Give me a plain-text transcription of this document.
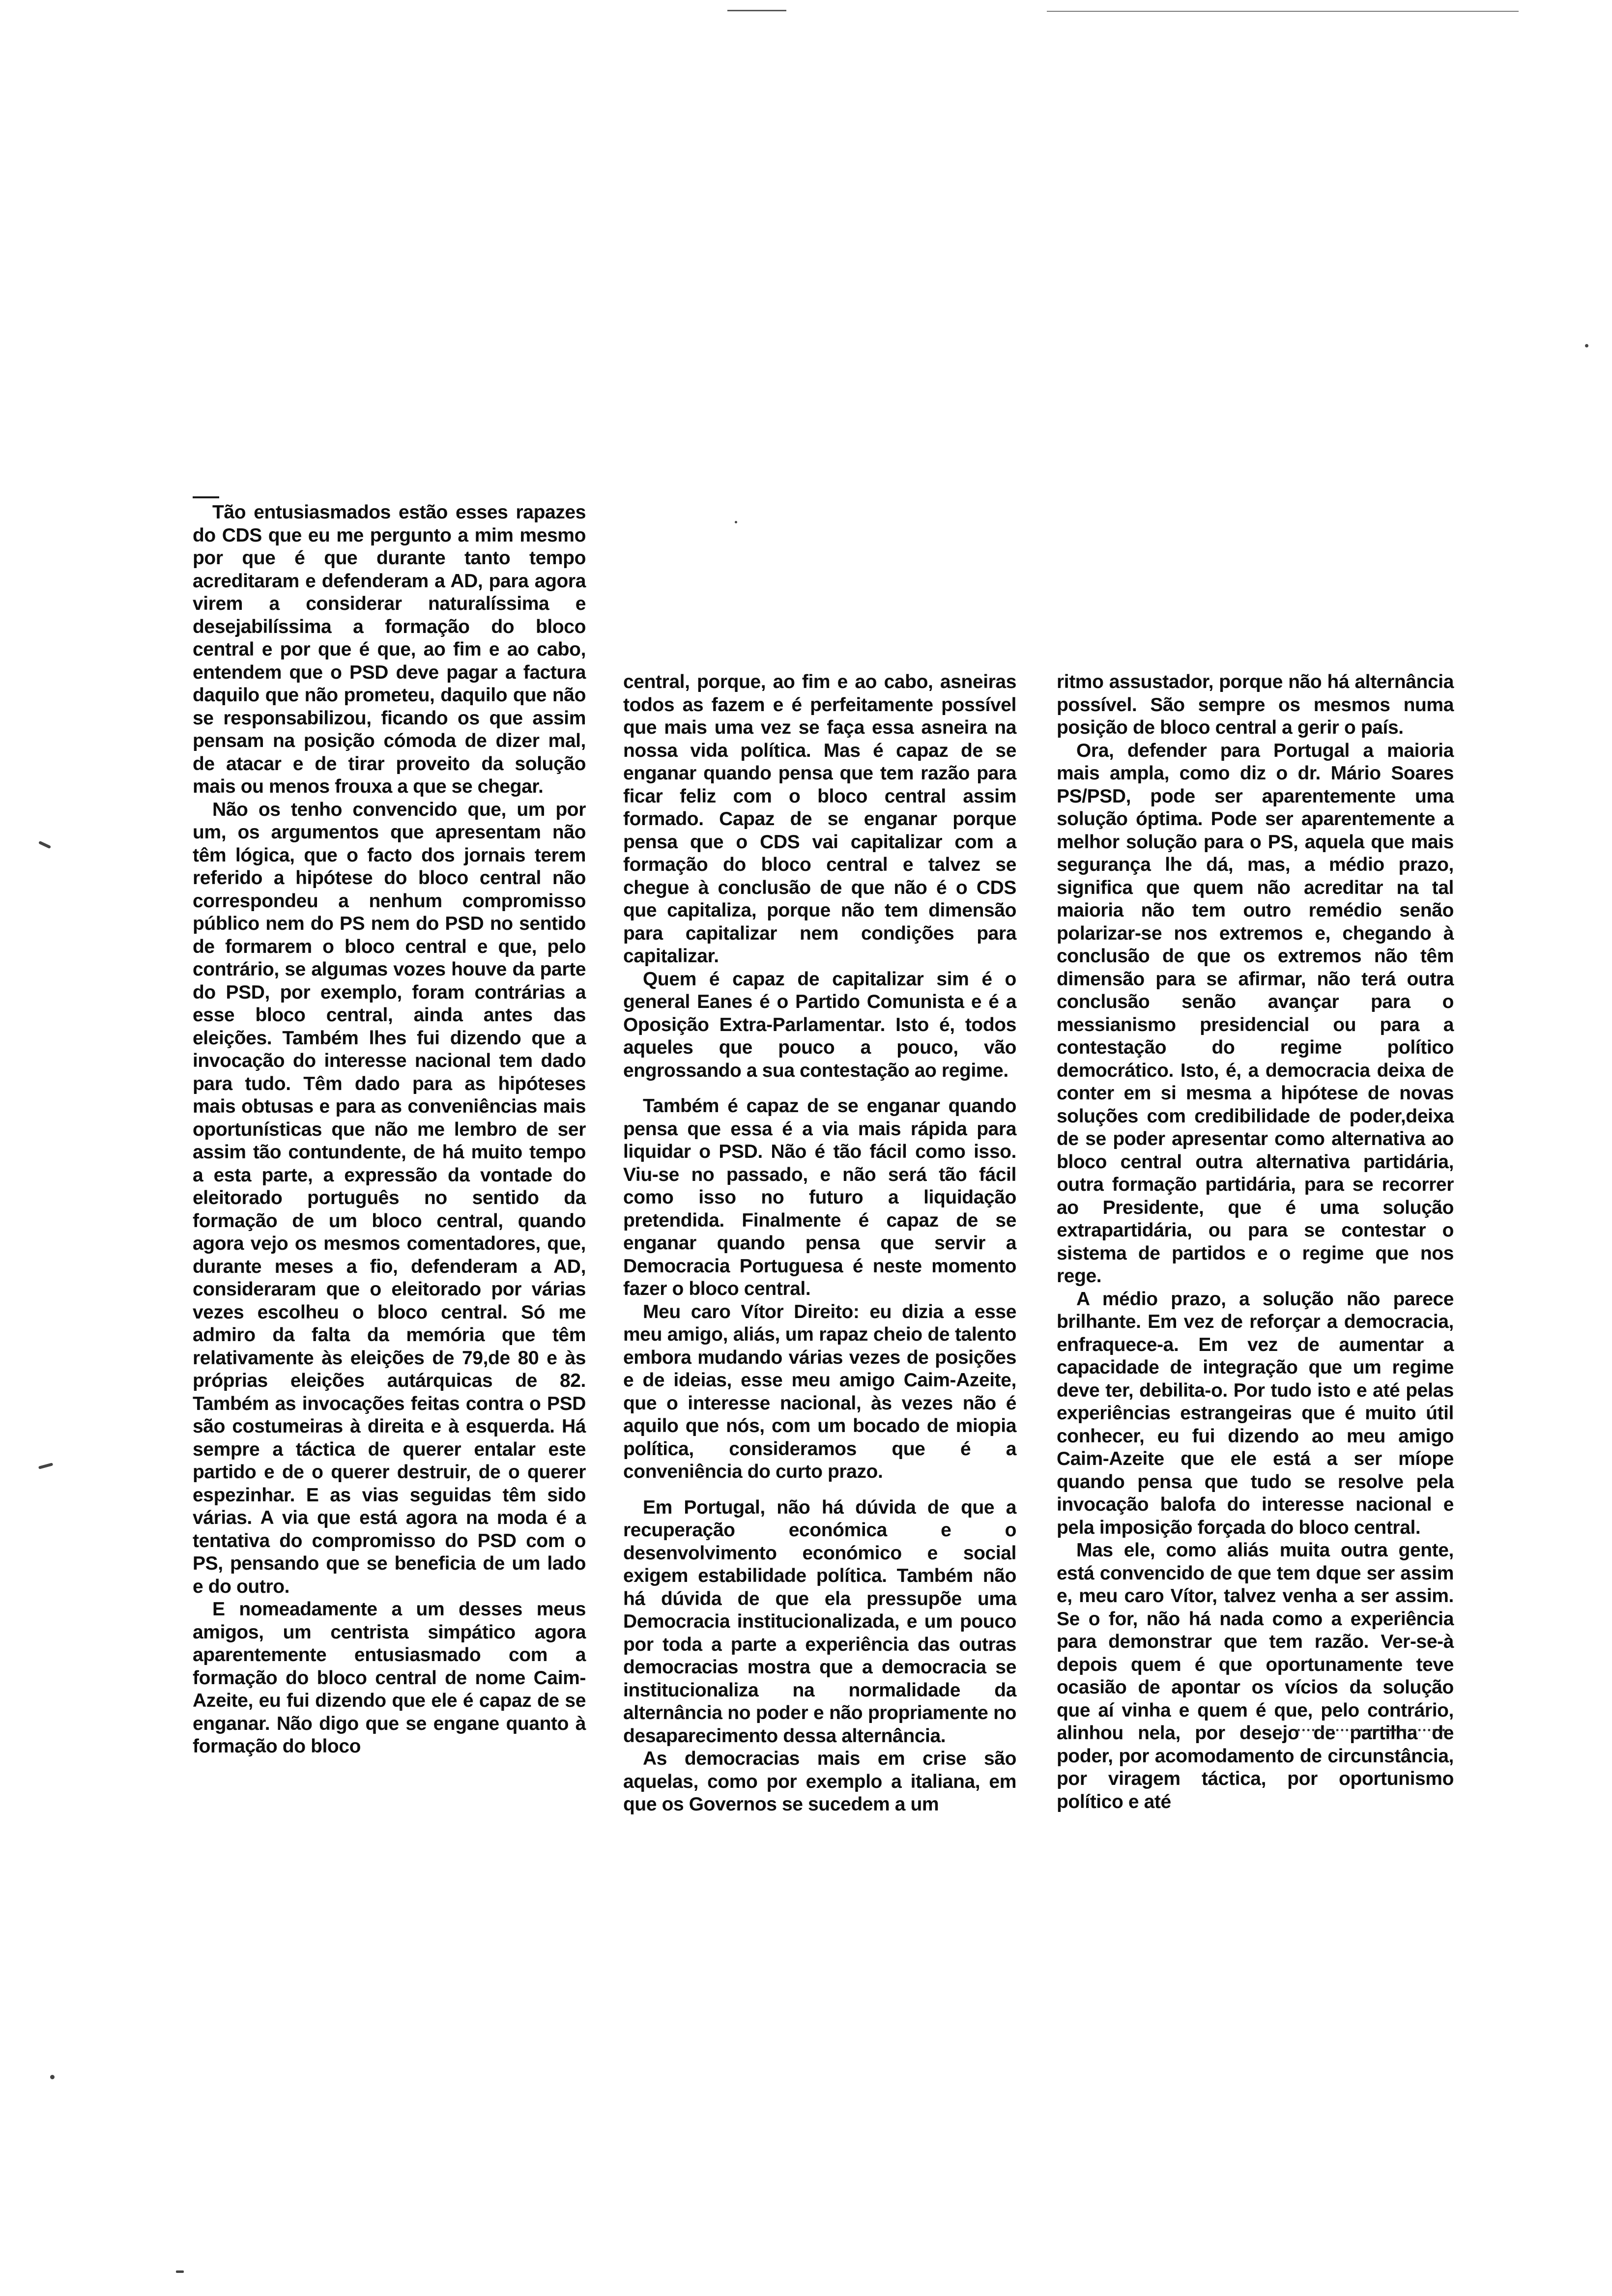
Tão entusiasmados estão esses rapazes do CDS que eu me pergunto a mim mesmo por que é que durante tanto tempo acreditaram e defenderam a AD, para agora virem a considerar naturalíssima e desejabilíssima a formação do bloco central e por que é que, ao fim e ao cabo, entendem que o PSD deve pagar a factura daquilo que não prometeu, daquilo que não se responsabilizou, ficando os que assim pensam na posição cómoda de dizer mal, de atacar e de tirar proveito da solução mais ou menos frouxa a que se chegar.

Não os tenho convencido que, um por um, os argumentos que apresentam não têm lógica, que o facto dos jornais terem referido a hipótese do bloco central não correspondeu a nenhum compromisso público nem do PS nem do PSD no sentido de formarem o bloco central e que, pelo contrário, se algumas vozes houve da parte do PSD, por exemplo, foram contrárias a esse bloco central, ainda antes das eleições. Também lhes fui dizendo que a invocação do interesse nacional tem dado para tudo. Têm dado para as hipóteses mais obtusas e para as conveniências mais oportunísticas que não me lembro de ser assim tão contundente, de há muito tempo a esta parte, a expressão da vontade do eleitorado português no sentido da formação de um bloco central, quando agora vejo os mesmos comentadores, que, durante meses a fio, defenderam a AD, consideraram que o eleitorado por várias vezes escolheu o bloco central. Só me admiro da falta da memória que têm relativamente às eleições de 79,de 80 e às próprias eleições autárquicas de 82. Também as invocações feitas contra o PSD são costumeiras à direita e à esquerda. Há sempre a táctica de querer entalar este partido e de o querer destruir, de o querer espezinhar. E as vias seguidas têm sido várias. A via que está agora na moda é a tentativa do compromisso do PSD com o PS, pensando que se beneficia de um lado e do outro.

E nomeadamente a um desses meus amigos, um centrista simpático agora aparentemente entusiasmado com a formação do bloco central de nome Caim-Azeite, eu fui dizendo que ele é capaz de se enganar. Não digo que se engane quanto à formação do bloco

central, porque, ao fim e ao cabo, asneiras todos as fazem e é perfeitamente possível que mais uma vez se faça essa asneira na nossa vida política. Mas é capaz de se enganar quando pensa que tem razão para ficar feliz com o bloco central assim formado. Capaz de se enganar porque pensa que o CDS vai capitalizar com a formação do bloco central e talvez se chegue à conclusão de que não é o CDS que capitaliza, porque não tem dimensão para capitalizar nem condições para capitalizar.

Quem é capaz de capitalizar sim é o general Eanes é o Partido Comunista e é a Oposição Extra-Parlamentar. Isto é, todos aqueles que pouco a pouco, vão engrossando a sua contestação ao regime.

Também é capaz de se enganar quando pensa que essa é a via mais rápida para liquidar o PSD. Não é tão fácil como isso. Viu-se no passado, e não será tão fácil como isso no futuro a liquidação pretendida. Finalmente é capaz de se enganar quando pensa que servir a Democracia Portuguesa é neste momento fazer o bloco central.

Meu caro Vítor Direito: eu dizia a esse meu amigo, aliás, um rapaz cheio de talento embora mudando várias vezes de posições e de ideias, esse meu amigo Caim-Azeite, que o interesse nacional, às vezes não é aquilo que nós, com um bocado de miopia política, consideramos que é a conveniência do curto prazo.

Em Portugal, não há dúvida de que a recuperação económica e o desenvolvimento económico e social exigem estabilidade política. Também não há dúvida de que ela pressupõe uma Democracia institucionalizada, e um pouco por toda a parte a experiência das outras democracias mostra que a democracia se institucionaliza na normalidade da alternância no poder e não propriamente no desaparecimento dessa alternância.

As democracias mais em crise são aquelas, como por exemplo a italiana, em que os Governos se sucedem a um

ritmo assustador, porque não há alternância possível. São sempre os mesmos numa posição de bloco central a gerir o país.

Ora, defender para Portugal a maioria mais ampla, como diz o dr. Mário Soares PS/PSD, pode ser aparentemente uma solução óptima. Pode ser aparentemente a melhor solução para o PS, aquela que mais segurança lhe dá, mas, a médio prazo, significa que quem não acreditar na tal maioria não tem outro remédio senão polarizar-se nos extremos e, chegando à conclusão de que os extremos não têm dimensão para se afirmar, não terá outra conclusão senão avançar para o messianismo presidencial ou para a contestação do regime político democrático. Isto, é, a democracia deixa de conter em si mesma a hipótese de novas soluções com credibilidade de poder,deixa de se poder apresentar como alternativa ao bloco central outra alternativa partidária, outra formação partidária, para se recorrer ao Presidente, que é uma solução extrapartidária, ou para se contestar o sistema de partidos e o regime que nos rege.

A médio prazo, a solução não parece brilhante. Em vez de reforçar a democracia, enfraquece-a. Em vez de aumentar a capacidade de integração que um regime deve ter, debilita-o. Por tudo isto e até pelas experiências estrangeiras que é muito útil conhecer, eu fui dizendo ao meu amigo Caim-Azeite que ele está a ser míope quando pensa que tudo se resolve pela invocação balofa do interesse nacional e pela imposição forçada do bloco central.

Mas ele, como aliás muita outra gente, está convencido de que tem dque ser assim e, meu caro Vítor, talvez venha a ser assim. Se o for, não há nada como a experiência para demonstrar que tem razão. Ver-se-à depois quem é que oportunamente teve ocasião de apontar os vícios da solução que aí vinha e quem é que, pelo contrário, alinhou nela, por desejo de partilha de poder, por acomodamento de circunstância, por viragem táctica, por oportunismo político e até
